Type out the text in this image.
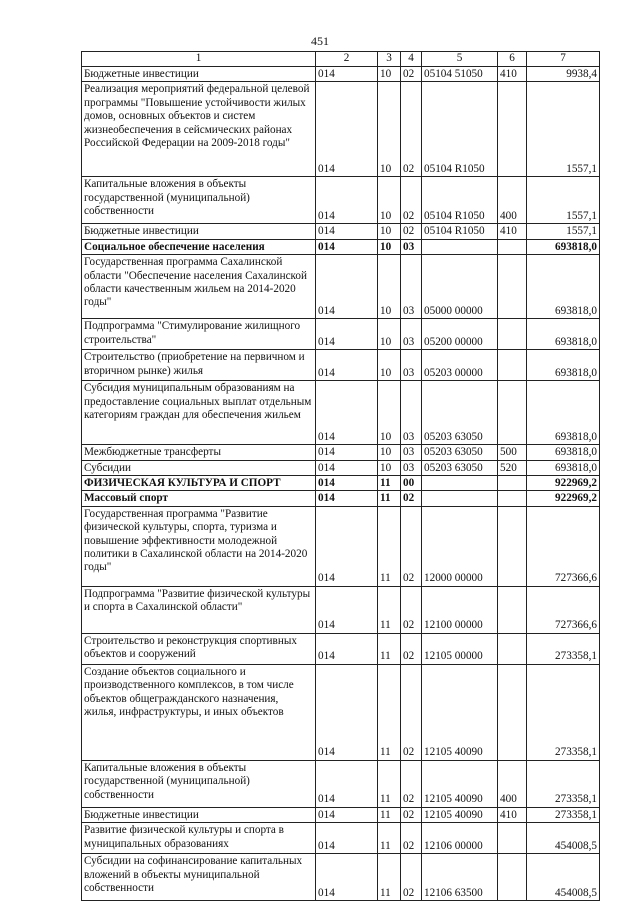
451
1	2	3	4	5	6	7
Бюджетные инвестиции	014	10	02	05104 51050	410	9938,4
Реализация мероприятий федеральной целевой программы "Повышение устойчивости жилых домов, основных объектов и систем жизнеобеспечения в сейсмических районах Российской Федерации на 2009-2018 годы"	014	10	02	05104 R1050		1557,1
Капитальные вложения в объекты государственной (муниципальной) собственности	014	10	02	05104 R1050	400	1557,1
Бюджетные инвестиции	014	10	02	05104 R1050	410	1557,1
Социальное обеспечение населения	014	10	03			693818,0
Государственная программа Сахалинской области "Обеспечение населения Сахалинской области качественным жильем на 2014-2020 годы"	014	10	03	05000 00000		693818,0
Подпрограмма "Стимулирование жилищного строительства"	014	10	03	05200 00000		693818,0
Строительство (приобретение на первичном и вторичном рынке) жилья	014	10	03	05203 00000		693818,0
Субсидия муниципальным образованиям на предоставление социальных выплат отдельным категориям граждан для обеспечения жильем	014	10	03	05203 63050		693818,0
Межбюджетные трансферты	014	10	03	05203 63050	500	693818,0
Субсидии	014	10	03	05203 63050	520	693818,0
ФИЗИЧЕСКАЯ КУЛЬТУРА И СПОРТ	014	11	00			922969,2
Массовый спорт	014	11	02			922969,2
Государственная программа "Развитие физической культуры, спорта, туризма и повышение эффективности молодежной политики в Сахалинской области на 2014-2020 годы"	014	11	02	12000 00000		727366,6
Подпрограмма "Развитие физической культуры и спорта в Сахалинской области"	014	11	02	12100 00000		727366,6
Строительство и реконструкция спортивных объектов и сооружений	014	11	02	12105 00000		273358,1
Создание объектов социального и производственного комплексов, в том числе объектов общегражданского назначения, жилья, инфраструктуры, и иных объектов	014	11	02	12105 40090		273358,1
Капитальные вложения в объекты государственной (муниципальной) собственности	014	11	02	12105 40090	400	273358,1
Бюджетные инвестиции	014	11	02	12105 40090	410	273358,1
Развитие физической культуры и спорта в муниципальных образованиях	014	11	02	12106 00000		454008,5
Субсидии на софинансирование капитальных вложений в объекты муниципальной собственности	014	11	02	12106 63500		454008,5
